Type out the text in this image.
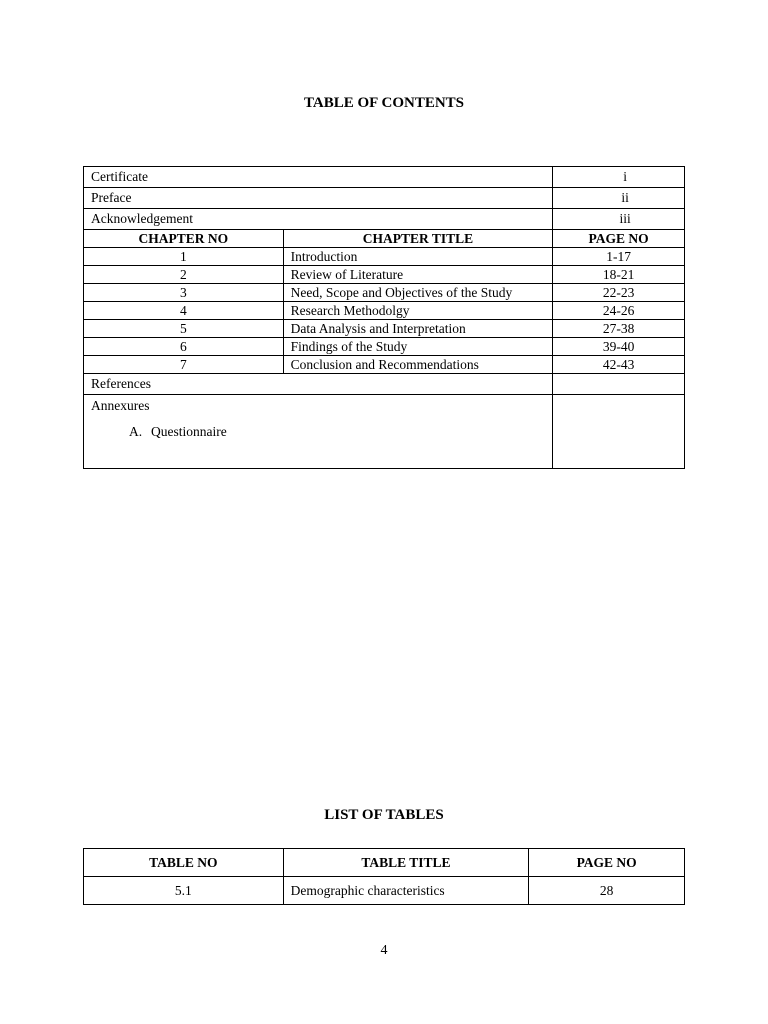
TABLE OF CONTENTS
Certificate		i
Preface		ii
Acknowledgement		iii
CHAPTER NO	CHAPTER TITLE	PAGE NO
1	Introduction	1-17
2	Review of Literature	18-21
3	Need, Scope and Objectives of the Study	22-23
4	Research Methodolgy	24-26
5	Data Analysis and Interpretation	27-38
6	Findings of the Study	39-40
7	Conclusion and Recommendations	42-43
References		

Annexures
A. Questionnaire		

LIST OF TABLES
TABLE NO	TABLE TITLE	PAGE NO
5.1	Demographic characteristics	28
4
